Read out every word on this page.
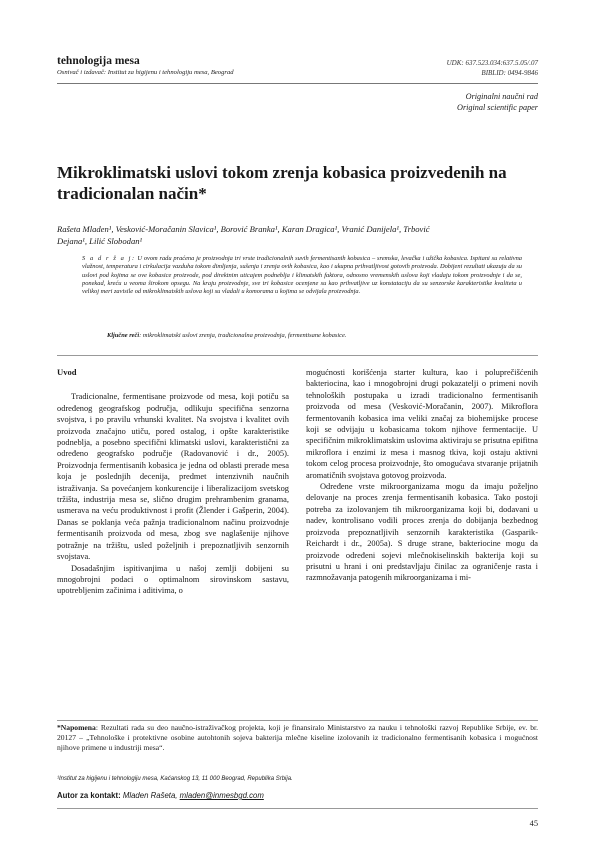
tehnologija mesa
Osnivač i izdavač: Institut za higijenu i tehnologiju mesa, Beograd
UDK: 637.523.034:637.5.05/.07
BIBLID: 0494-9846
Originalni naučni rad
Original scientific paper
Mikroklimatski uslovi tokom zrenja kobasica proizvedenih na tradicionalan način*
Rašeta Mladen¹, Vesković-Moračanin Slavica¹, Borović Branka¹, Karan Dragica¹, Vranić Danijela¹, Trbović
Dejana¹, Lilić Slobodan¹
S a d r ž a j: U ovom radu praćena je proizvodnja tri vrste tradicionalnih suvih fermentisanih kobasica – sremska, levačka i užička kobasica. Ispitani su relativna vlažnost, temperatura i cirkulacija vazduha tokom dimljenja, sušenja i zrenja ovih kobasica, kao i ukupna prihvatljivost gotovih proizvoda. Dobijeni rezultati ukazuju da su uslovi pod kojima se ove kobasice proizvode, pod direktnim uticajem podneblja i klimatskih faktora, odnosno vremenskih uslova koji vladaju tokom proizvodnje i da se, ponekad, kreću u veoma širokom opsegu. Na kraju proizvodnje, sve tri kobasice ocenjene su kao prihvatljive uz konstataciju da su senzorske karakteristike kvaliteta u velikoj meri zavisile od mikroklimatskih uslova koji su vladali u komorama u kojima se odvijala proizvodnja.
Ključne reči: mikroklimatski uslovi zrenja, tradicionalna proizvodnja, fermentisane kobasice.
Uvod

Tradicionalne, fermentisane proizvode od mesa, koji potiču sa određenog geografskog područja, odlikuju specifična senzorna svojstva, i po pravilu vrhunski kvalitet. Na svojstva i kvalitet ovih proizvoda značajno utiču, pored ostalog, i opšte karakteristike podneblja, a posebno specifični klimatski uslovi, karakteristični za određeno geografsko područje (Radovanović i dr., 2005). Proizvodnja fermentisanih kobasica je jedna od oblasti prerade mesa koja je poslednjih decenija, predmet intenzivnih naučnih istraživanja. Sa povećanjem konkurencije i liberalizacijom svetskog tržišta, industrija mesa se, slično drugim prehrambenim granama, usmerava na veću produktivnost i profit (Žlender i Gašperin, 2004). Danas se poklanja veća pažnja tradicionalnom načinu proizvodnje fermentisanih proizvoda od mesa, zbog sve naglašenije njihove potražnje na tržištu, usled poželjnih i prepoznatljivih senzornih svojstava.

Dosadašnjim ispitivanjima u našoj zemlji dobijeni su mnogobrojni podaci o optimalnom sirovinskom sastavu, upotrebljenim začinima i aditivima, o

mogućnosti korišćenja starter kultura, kao i poluprečišćenih bakteriocina, kao i mnogobrojni drugi pokazatelji o primeni novih tehnoloških postupaka u izradi tradicionalno fermentisanih proizvoda od mesa (Vesković-Moračanin, 2007). Mikroflora fermentovanih kobasica ima veliki značaj za biohemijske procese koji se odvijaju u kobasicama tokom njihove fermentacije. U specifičnim mikroklimatskim uslovima aktiviraju se prisutna epifitna mikroflora i enzimi iz mesa i masnog tkiva, koji ostaju aktivni tokom celog procesa proizvodnje, što omogućava stvaranje prijatnih aromatičnih svojstava gotovog proizvoda.

Određene vrste mikroorganizama mogu da imaju poželjno delovanje na proces zrenja fermentisanih kobasica. Tako postoji potreba za izolovanjem tih mikroorganizama koji bi, dodavani u nadev, kontrolisano vodili proces zrenja do dobijanja bezbednog proizvoda prepoznatljivih senzornih karakteristika (Gasparik-Reichardt i dr., 2005a). S druge strane, bakteriocine mogu da proizvode određeni sojevi mlečnokiselinskih bakterija koji su prisutni u hrani i oni predstavljaju činilac za ograničenje rasta i razmnožavanja patogenih mikroorganizama i mi-

*Napomena: Rezultati rada su deo naučno-istraživačkog projekta, koji je finansiralo Ministarstvo za nauku i tehnološki razvoj Republike Srbije, ev. br. 20127 – „Tehnološke i protektivne osobine autohtonih sojeva bakterija mlečne kiseline izolovanih iz tradicionalno fermentisanih kobasica i mogućnost njihove primene u industriji mesa“.
¹Institut za higijenu i tehnologiju mesa, Kaćanskog 13, 11 000 Beograd, Republika Srbija.
Autor za kontakt: Mladen Rašeta, mladen@inmesbgd.com
45
